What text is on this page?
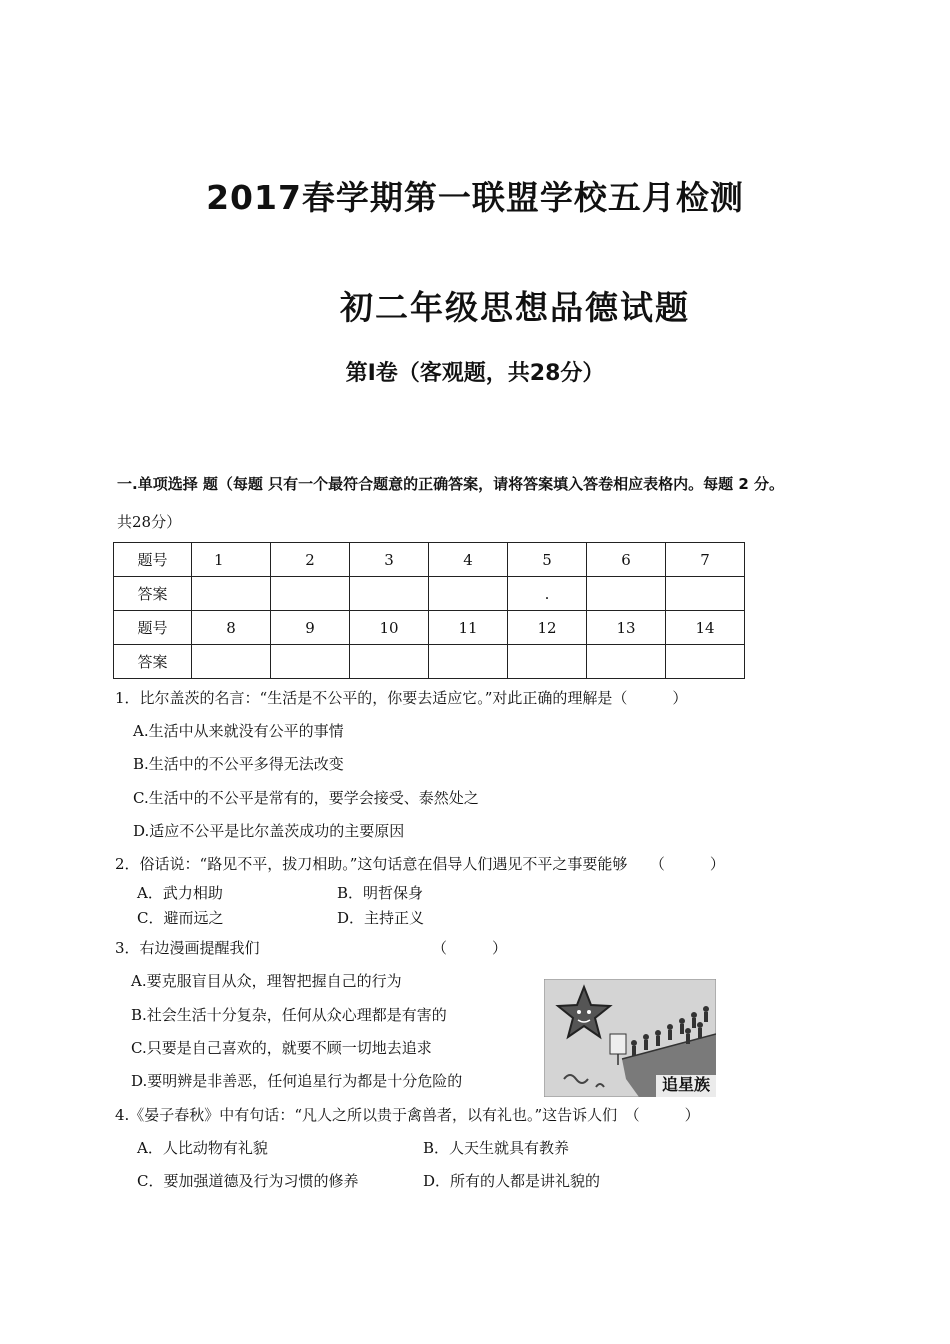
2017春学期第一联盟学校五月检测
初二年级思想品德试题
第Ⅰ卷（客观题，共28分）
一.单项选择 题（每题 只有一个最符合题意的正确答案，请将答案填入答卷相应表格内。每题 2 分。
共28分）
题号	1	2	3	4	5	6	7
答案					.		
题号	8	9	10	11	12	13	14
答案							
1．比尔盖茨的名言：“生活是不公平的，你要去适应它。”对此正确的理解是（　　　）
A.生活中从来就没有公平的事情
B.生活中的不公平多得无法改变
C.生活中的不公平是常有的，要学会接受、泰然处之
D.适应不公平是比尔盖茨成功的主要原因
2．俗话说：“路见不平，拔刀相助。”这句话意在倡导人们遇见不平之事要能够　　（　　　）
A．武力相助	B．明哲保身
C．避而远之	D．主持正义
3．右边漫画提醒我们　　　　　　　　　　　　（　　　）
A.要克服盲目从众，理智把握自己的行为
B.社会生活十分复杂，任何从众心理都是有害的
C.只要是自己喜欢的，就要不顾一切地去追求
D.要明辨是非善恶，任何追星行为都是十分危险的	追星族
4.《晏子春秋》中有句话：“凡人之所以贵于禽兽者，以有礼也。”这告诉人们　（　　　）
A．人比动物有礼貌	B．人天生就具有教养
C．要加强道德及行为习惯的修养	D．所有的人都是讲礼貌的
